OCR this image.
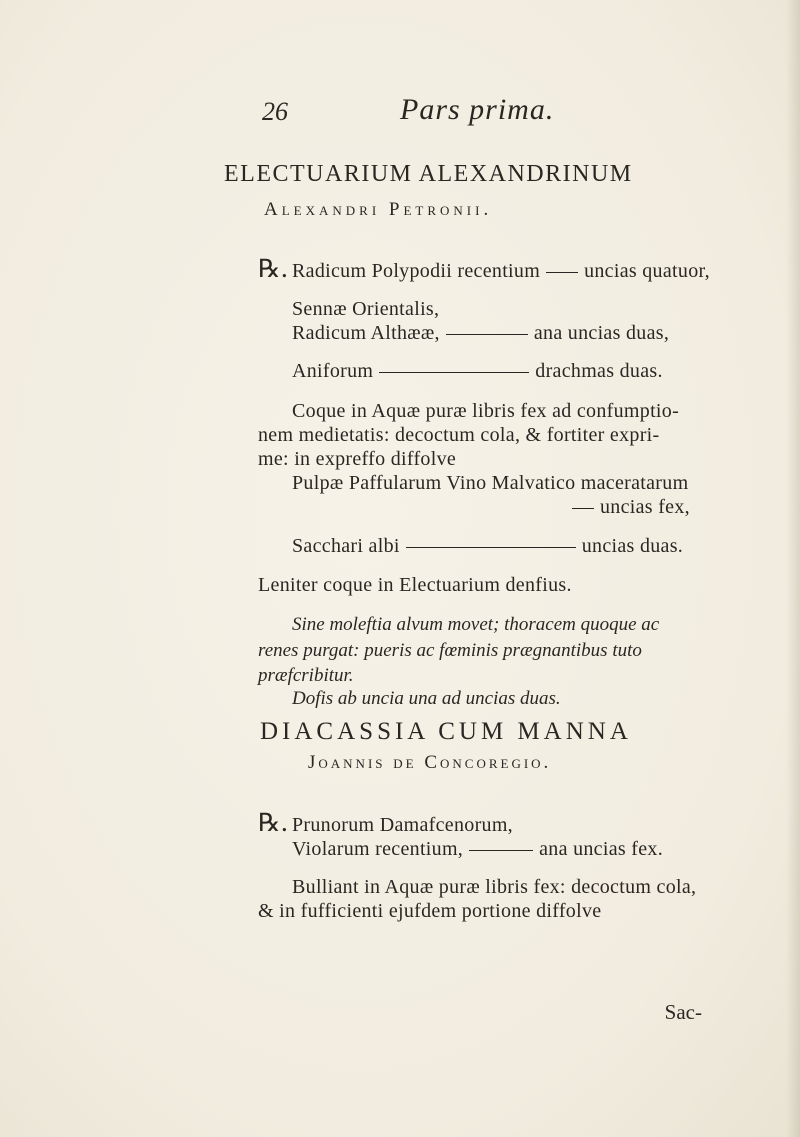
26	Pars prima.
ELECTUARIUM ALEXANDRINUM
Alexandri Petronii.
℞. Radicum Polypodii recentium uncias quatuor,
Sennæ Orientalis,
Radicum Althææ,	ana uncias duas,
Aniforum	drachmas duas.
Coque in Aquæ puræ libris fex ad confumptio-
nem medietatis: decoctum cola, & fortiter expri-
me: in expreffo diffolve
Pulpæ Paffularum Vino Malvatico maceratarum
uncias fex,
Sacchari albi	uncias duas.
Leniter coque in Electuarium denfius.
Sine moleftia alvum movet; thoracem quoque ac
renes purgat: pueris ac fœminis prægnantibus tuto
præfcribitur.
Dofis ab uncia una ad uncias duas.
DIACASSIA CUM MANNA
Joannis de Concoregio.
℞. Prunorum Damafcenorum,
Violarum recentium,	ana uncias fex.
Bulliant in Aquæ puræ libris fex: decoctum cola,
& in fufficienti ejufdem portione diffolve
Sac-
